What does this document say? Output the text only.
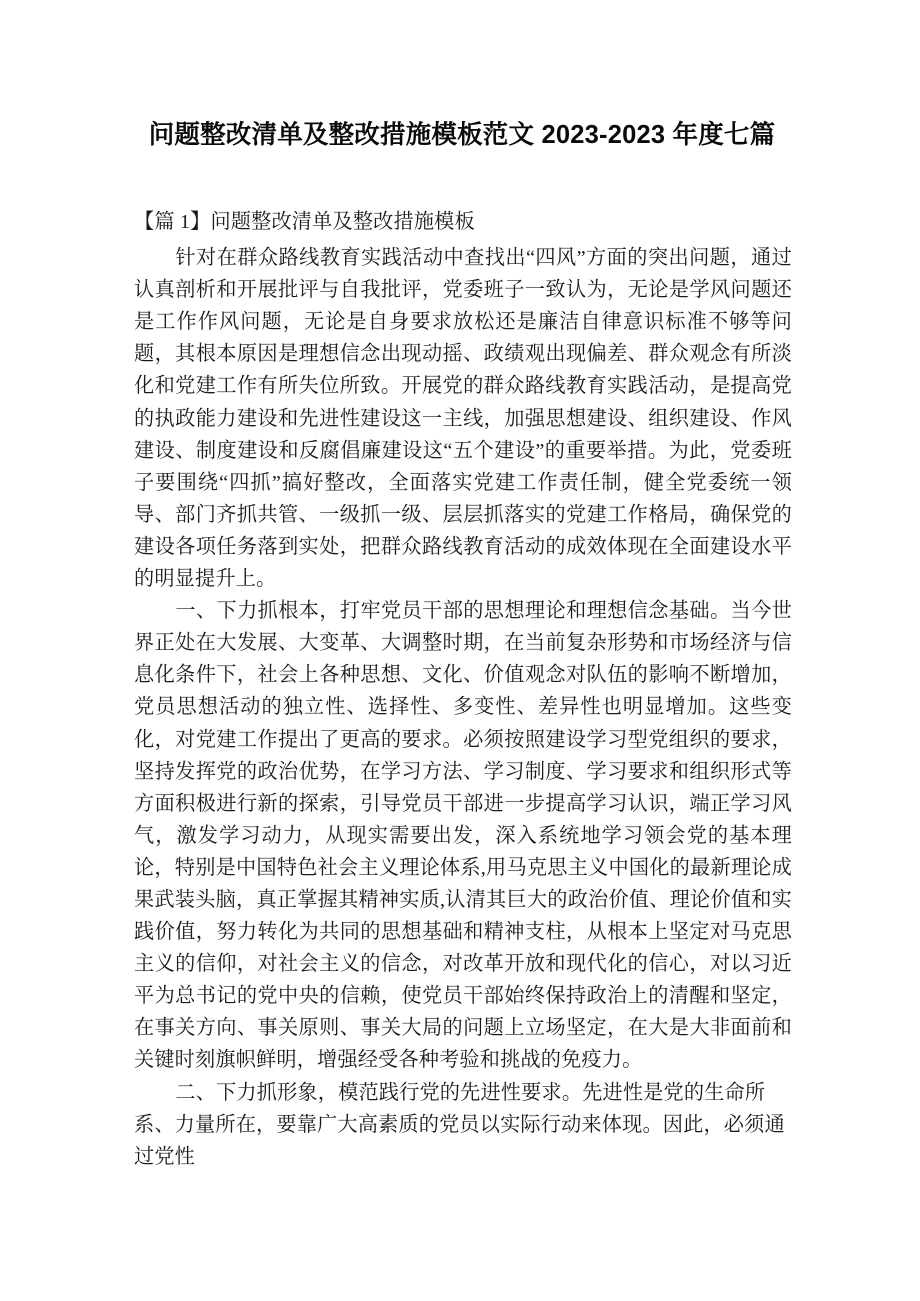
问题整改清单及整改措施模板范文 2023-2023 年度七篇

【篇 1】问题整改清单及整改措施模板

针对在群众路线教育实践活动中查找出“四风”方面的突出问题，通过认真剖析和开展批评与自我批评，党委班子一致认为，无论是学风问题还是工作作风问题，无论是自身要求放松还是廉洁自律意识标准不够等问题，其根本原因是理想信念出现动摇、政绩观出现偏差、群众观念有所淡化和党建工作有所失位所致。开展党的群众路线教育实践活动，是提高党的执政能力建设和先进性建设这一主线，加强思想建设、组织建设、作风建设、制度建设和反腐倡廉建设这“五个建设”的重要举措。为此，党委班子要围绕“四抓”搞好整改，全面落实党建工作责任制，健全党委统一领导、部门齐抓共管、一级抓一级、层层抓落实的党建工作格局，确保党的建设各项任务落到实处，把群众路线教育活动的成效体现在全面建设水平的明显提升上。

一、下力抓根本，打牢党员干部的思想理论和理想信念基础。当今世界正处在大发展、大变革、大调整时期，在当前复杂形势和市场经济与信息化条件下，社会上各种思想、文化、价值观念对队伍的影响不断增加，党员思想活动的独立性、选择性、多变性、差异性也明显增加。这些变化，对党建工作提出了更高的要求。必须按照建设学习型党组织的要求，坚持发挥党的政治优势，在学习方法、学习制度、学习要求和组织形式等方面积极进行新的探索，引导党员干部进一步提高学习认识，端正学习风气，激发学习动力，从现实需要出发，深入系统地学习领会党的基本理论，特别是中国特色社会主义理论体系,用马克思主义中国化的最新理论成果武装头脑，真正掌握其精神实质,认清其巨大的政治价值、理论价值和实践价值，努力转化为共同的思想基础和精神支柱，从根本上坚定对马克思主义的信仰，对社会主义的信念，对改革开放和现代化的信心，对以习近平为总书记的党中央的信赖，使党员干部始终保持政治上的清醒和坚定，在事关方向、事关原则、事关大局的问题上立场坚定，在大是大非面前和关键时刻旗帜鲜明，增强经受各种考验和挑战的免疫力。

二、下力抓形象，模范践行党的先进性要求。先进性是党的生命所系、力量所在，要靠广大高素质的党员以实际行动来体现。因此，必须通过党性
